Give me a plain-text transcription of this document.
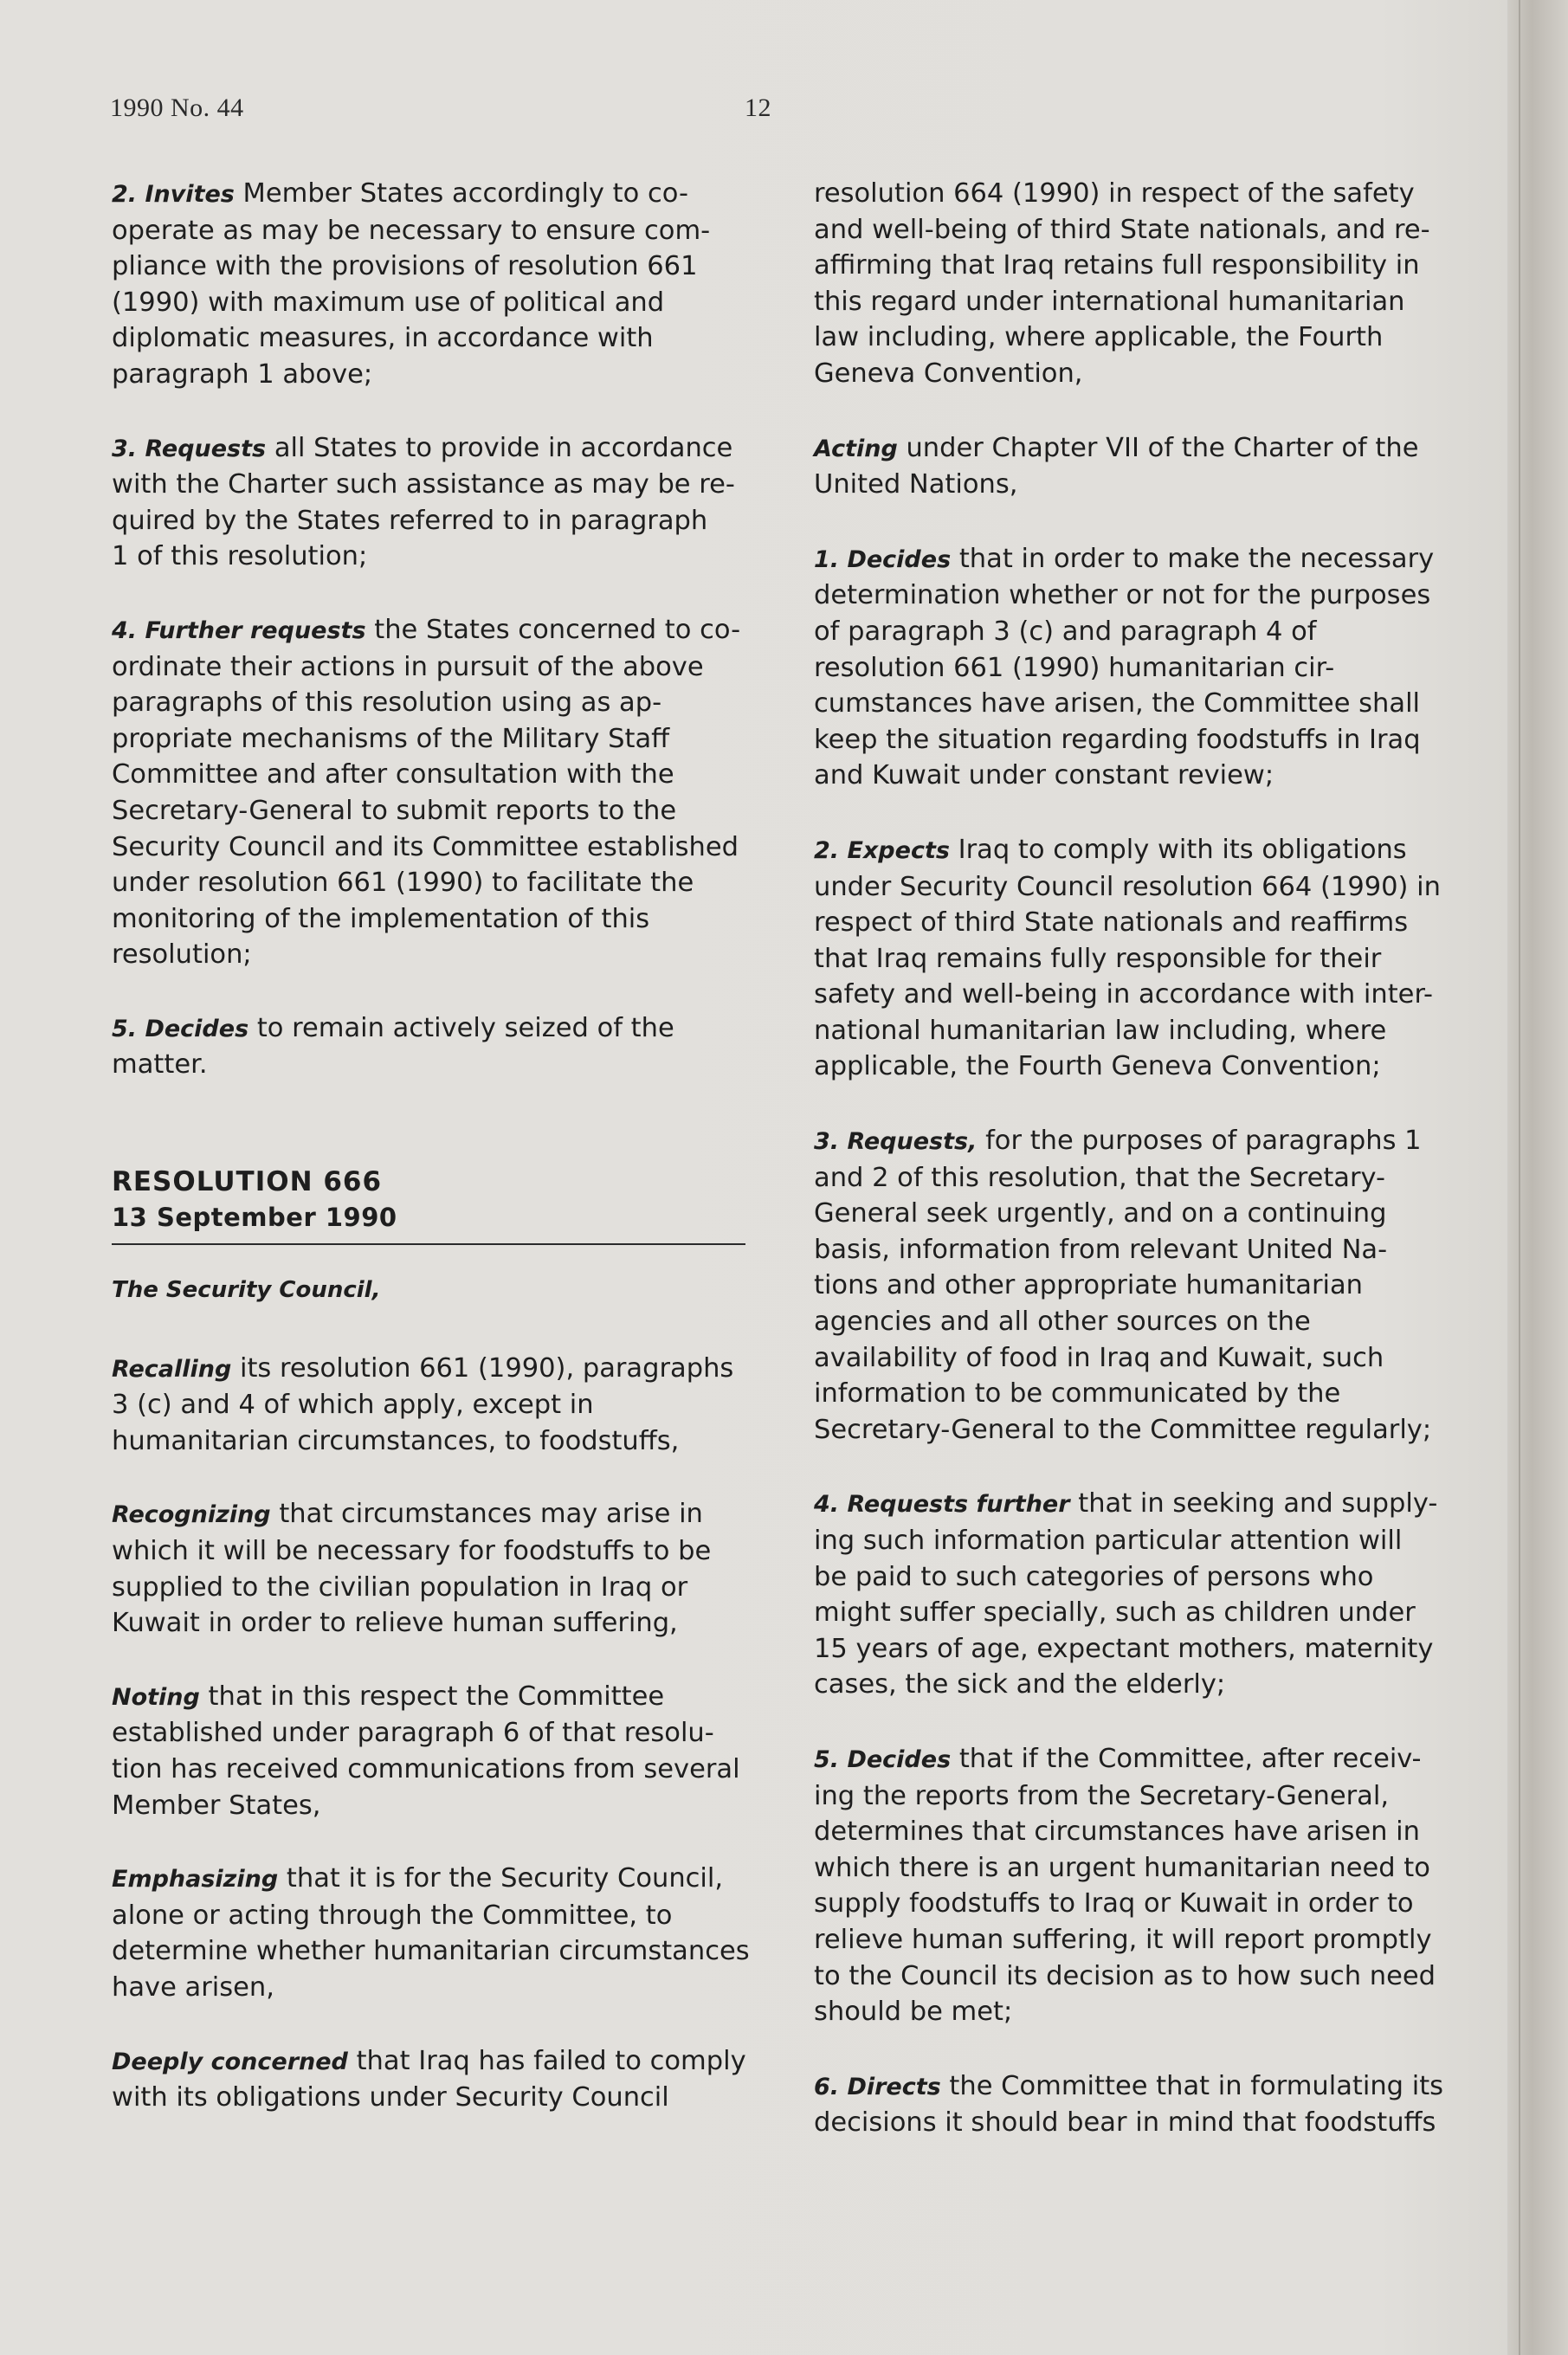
1990 No. 44	12
2. Invites Member States accordingly to co-
operate as may be necessary to ensure com-
pliance with the provisions of resolution 661
(1990) with maximum use of political and
diplomatic measures, in accordance with
paragraph 1 above;
3. Requests all States to provide in accordance
with the Charter such assistance as may be re-
quired by the States referred to in paragraph
1 of this resolution;
4. Further requests the States concerned to co-
ordinate their actions in pursuit of the above
paragraphs of this resolution using as ap-
propriate mechanisms of the Military Staff
Committee and after consultation with the
Secretary-General to submit reports to the
Security Council and its Committee established
under resolution 661 (1990) to facilitate the
monitoring of the implementation of this
resolution;
5. Decides to remain actively seized of the
matter.
RESOLUTION 666
13 September 1990
The Security Council,
Recalling its resolution 661 (1990), paragraphs
3 (c) and 4 of which apply, except in
humanitarian circumstances, to foodstuffs,
Recognizing that circumstances may arise in
which it will be necessary for foodstuffs to be
supplied to the civilian population in Iraq or
Kuwait in order to relieve human suffering,
Noting that in this respect the Committee
established under paragraph 6 of that resolu-
tion has received communications from several
Member States,
Emphasizing that it is for the Security Council,
alone or acting through the Committee, to
determine whether humanitarian circumstances
have arisen,
Deeply concerned that Iraq has failed to comply
with its obligations under Security Council
resolution 664 (1990) in respect of the safety
and well-being of third State nationals, and re-
affirming that Iraq retains full responsibility in
this regard under international humanitarian
law including, where applicable, the Fourth
Geneva Convention,
Acting under Chapter VII of the Charter of the
United Nations,
1. Decides that in order to make the necessary
determination whether or not for the purposes
of paragraph 3 (c) and paragraph 4 of
resolution 661 (1990) humanitarian cir-
cumstances have arisen, the Committee shall
keep the situation regarding foodstuffs in Iraq
and Kuwait under constant review;
2. Expects Iraq to comply with its obligations
under Security Council resolution 664 (1990) in
respect of third State nationals and reaffirms
that Iraq remains fully responsible for their
safety and well-being in accordance with inter-
national humanitarian law including, where
applicable, the Fourth Geneva Convention;
3. Requests, for the purposes of paragraphs 1
and 2 of this resolution, that the Secretary-
General seek urgently, and on a continuing
basis, information from relevant United Na-
tions and other appropriate humanitarian
agencies and all other sources on the
availability of food in Iraq and Kuwait, such
information to be communicated by the
Secretary-General to the Committee regularly;
4. Requests further that in seeking and supply-
ing such information particular attention will
be paid to such categories of persons who
might suffer specially, such as children under
15 years of age, expectant mothers, maternity
cases, the sick and the elderly;
5. Decides that if the Committee, after receiv-
ing the reports from the Secretary-General,
determines that circumstances have arisen in
which there is an urgent humanitarian need to
supply foodstuffs to Iraq or Kuwait in order to
relieve human suffering, it will report promptly
to the Council its decision as to how such need
should be met;
6. Directs the Committee that in formulating its
decisions it should bear in mind that foodstuffs
